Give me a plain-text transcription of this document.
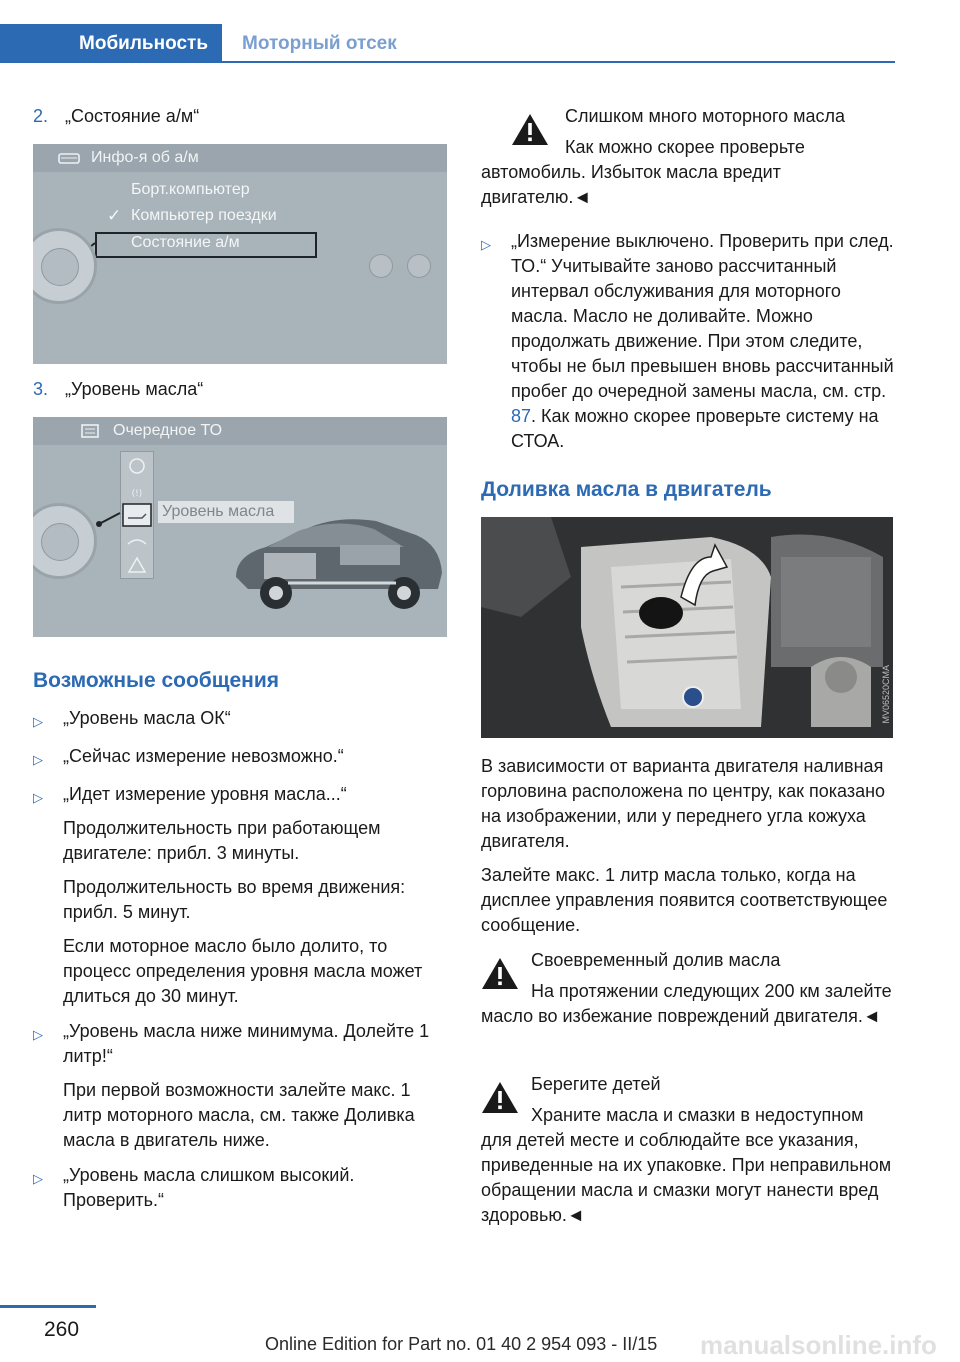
Мобильность Моторный отсек
2. „Состояние а/м“
Инфо-я об а/м
Борт.компьютер
✓ Компьютер поездки
Состояние а/м
3. „Уровень масла“
Очередное ТО
(!)
Уровень масла
Возможные сообщения
▷	„Уровень масла ОК“
▷	„Сейчас измерение невозможно.“
▷	„Идет измерение уровня масла...“
Продолжительность при работающем двигателе: прибл. 3 минуты.
Продолжительность во время движения: прибл. 5 минут.
Если моторное масло было долито, то процесс определения уровня масла может длиться до 30 минут.
▷	„Уровень масла ниже минимума. Долейте 1 литр!“
При первой возможности залейте макс. 1 литр моторного масла, см. также Доливка масла в двигатель ниже.
▷	„Уровень масла слишком высокий. Проверить.“
Слишком много моторного масла
Как можно скорее проверьте автомобиль. Избыток масла вредит двигателю.◄
▷	„Измерение выключено. Проверить при след. ТО.“ Учитывайте заново рассчитанный интервал обслуживания для моторного масла. Масло не доливайте. Можно продолжать движение. При этом следите, чтобы не был превышен вновь рассчитанный пробег до очередной замены масла, см. стр. 87. Как можно скорее проверьте систему на СТОА.
Доливка масла в двигатель
MV06520CMA
В зависимости от варианта двигателя наливная горловина расположена по центру, как показано на изображении, или у переднего угла кожуха двигателя.
Залейте макс. 1 литр масла только, когда на дисплее управления появится соответствующее сообщение.
Своевременный долив масла
На протяжении следующих 200 км залейте масло во избежание повреждений двигателя.◄
Берегите детей
Храните масла и смазки в недоступном для детей месте и соблюдайте все указания, приведенные на их упаковке. При неправильном обращении масла и смазки могут нанести вред здоровью.◄
260
Online Edition for Part no. 01 40 2 954 093 - II/15 manualsonline.info
